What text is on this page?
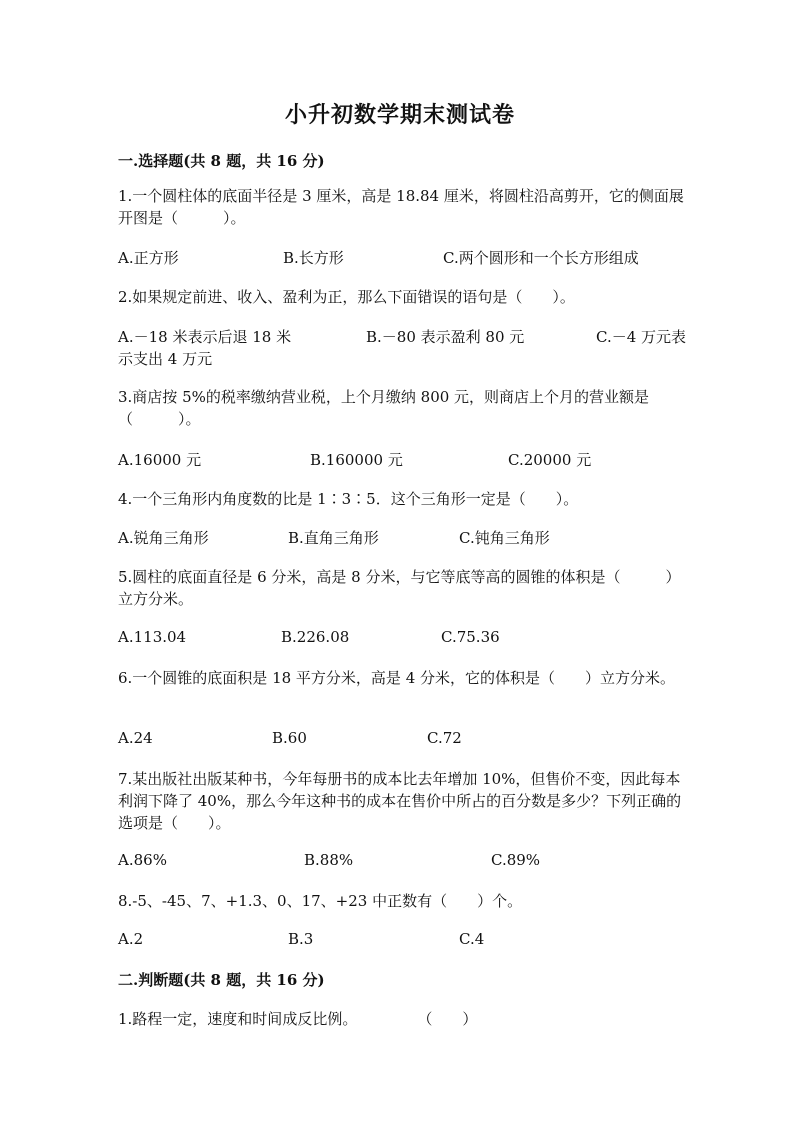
小升初数学期末测试卷
一.选择题(共 8 题，共 16 分)
1.一个圆柱体的底面半径是 3 厘米，高是 18.84 厘米，将圆柱沿高剪开，它的侧面展开图是（　　　）。
A.正方形	B.长方形	C.两个圆形和一个长方形组成
2.如果规定前进、收入、盈利为正，那么下面错误的语句是（　　）。
A.－18 米表示后退 18 米	B.－80 表示盈利 80 元	C.－4 万元表示支出 4 万元
3.商店按 5%的税率缴纳营业税，上个月缴纳 800 元，则商店上个月的营业额是（　　　）。
A.16000 元	B.160000 元	C.20000 元
4.一个三角形内角度数的比是 1∶3∶5．这个三角形一定是（　　）。
A.锐角三角形	B.直角三角形	C.钝角三角形
5.圆柱的底面直径是 6 分米，高是 8 分米，与它等底等高的圆锥的体积是（　　　）立方分米。
A.113.04	B.226.08	C.75.36
6.一个圆锥的底面积是 18 平方分米，高是 4 分米，它的体积是（　　）立方分米。
A.24	B.60	C.72
7.某出版社出版某种书，今年每册书的成本比去年增加 10%，但售价不变，因此每本利润下降了 40%，那么今年这种书的成本在售价中所占的百分数是多少？下列正确的选项是（　　）。
A.86%	B.88%	C.89%
8.-5、-45、7、+1.3、0、17、+23 中正数有（　　）个。
A.2	B.3	C.4
二.判断题(共 8 题，共 16 分)
1.路程一定，速度和时间成反比例。　　　　　（　　）
